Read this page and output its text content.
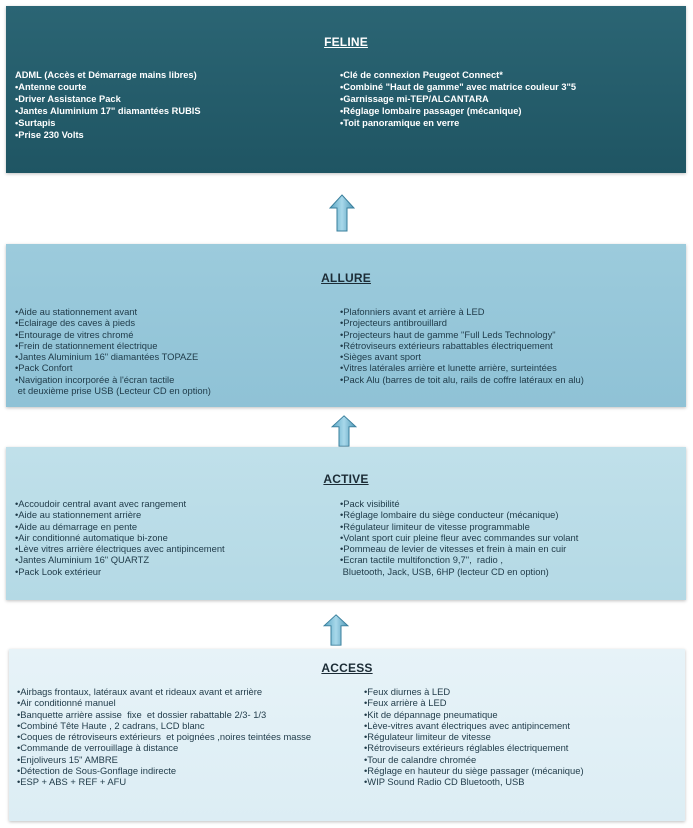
FELINE
ADML (Accès et Démarrage mains libres)
•Antenne courte
•Driver Assistance Pack
•Jantes Aluminium 17" diamantées RUBIS
•Surtapis
•Prise 230 Volts
•Clé de connexion Peugeot Connect*
•Combiné "Haut de gamme" avec matrice couleur 3"5
•Garnissage mi-TEP/ALCANTARA
•Réglage lombaire passager (mécanique)
•Toit panoramique en verre
ALLURE
•Aide au stationnement avant
•Eclairage des caves à pieds
•Entourage de vitres chromé
•Frein de stationnement électrique
•Jantes Aluminium 16" diamantées TOPAZE
•Pack Confort
•Navigation incorporée à l'écran tactile
et deuxième prise USB (Lecteur CD en option)
•Plafonniers avant et arrière à LED
•Projecteurs antibrouillard
•Projecteurs haut de gamme "Full Leds Technology"
•Rétroviseurs extérieurs rabattables électriquement
•Sièges avant sport
•Vitres latérales arrière et lunette arrière, surteintées
•Pack Alu (barres de toit alu, rails de coffre latéraux en alu)
ACTIVE
•Accoudoir central avant avec rangement
•Aide au stationnement arrière
•Aide au démarrage en pente
•Air conditionné automatique bi-zone
•Lève vitres arrière électriques avec antipincement
•Jantes Aluminium 16" QUARTZ
•Pack Look extérieur
•Pack visibilité
•Réglage lombaire du siège conducteur (mécanique)
•Régulateur limiteur de vitesse programmable
•Volant sport cuir pleine fleur avec commandes sur volant
•Pommeau de levier de vitesses et frein à main en cuir
•Ecran tactile multifonction 9,7",  radio ,
Bluetooth, Jack, USB, 6HP (lecteur CD en option)
ACCESS
•Airbags frontaux, latéraux avant et rideaux avant et arrière
•Air conditionné manuel
•Banquette arrière assise  fixe  et dossier rabattable 2/3- 1/3
•Combiné Tête Haute , 2 cadrans, LCD blanc
•Coques de rétroviseurs extérieurs  et poignées ,noires teintées masse
•Commande de verrouillage à distance
•Enjoliveurs 15" AMBRE
•Détection de Sous-Gonflage indirecte
•ESP + ABS + REF + AFU
•Feux diurnes à LED
•Feux arrière à LED
•Kit de dépannage pneumatique
•Lève-vitres avant électriques avec antipincement
•Régulateur limiteur de vitesse
•Rétroviseurs extérieurs réglables électriquement
•Tour de calandre chromée
•Réglage en hauteur du siège passager (mécanique)
•WIP Sound Radio CD Bluetooth, USB
